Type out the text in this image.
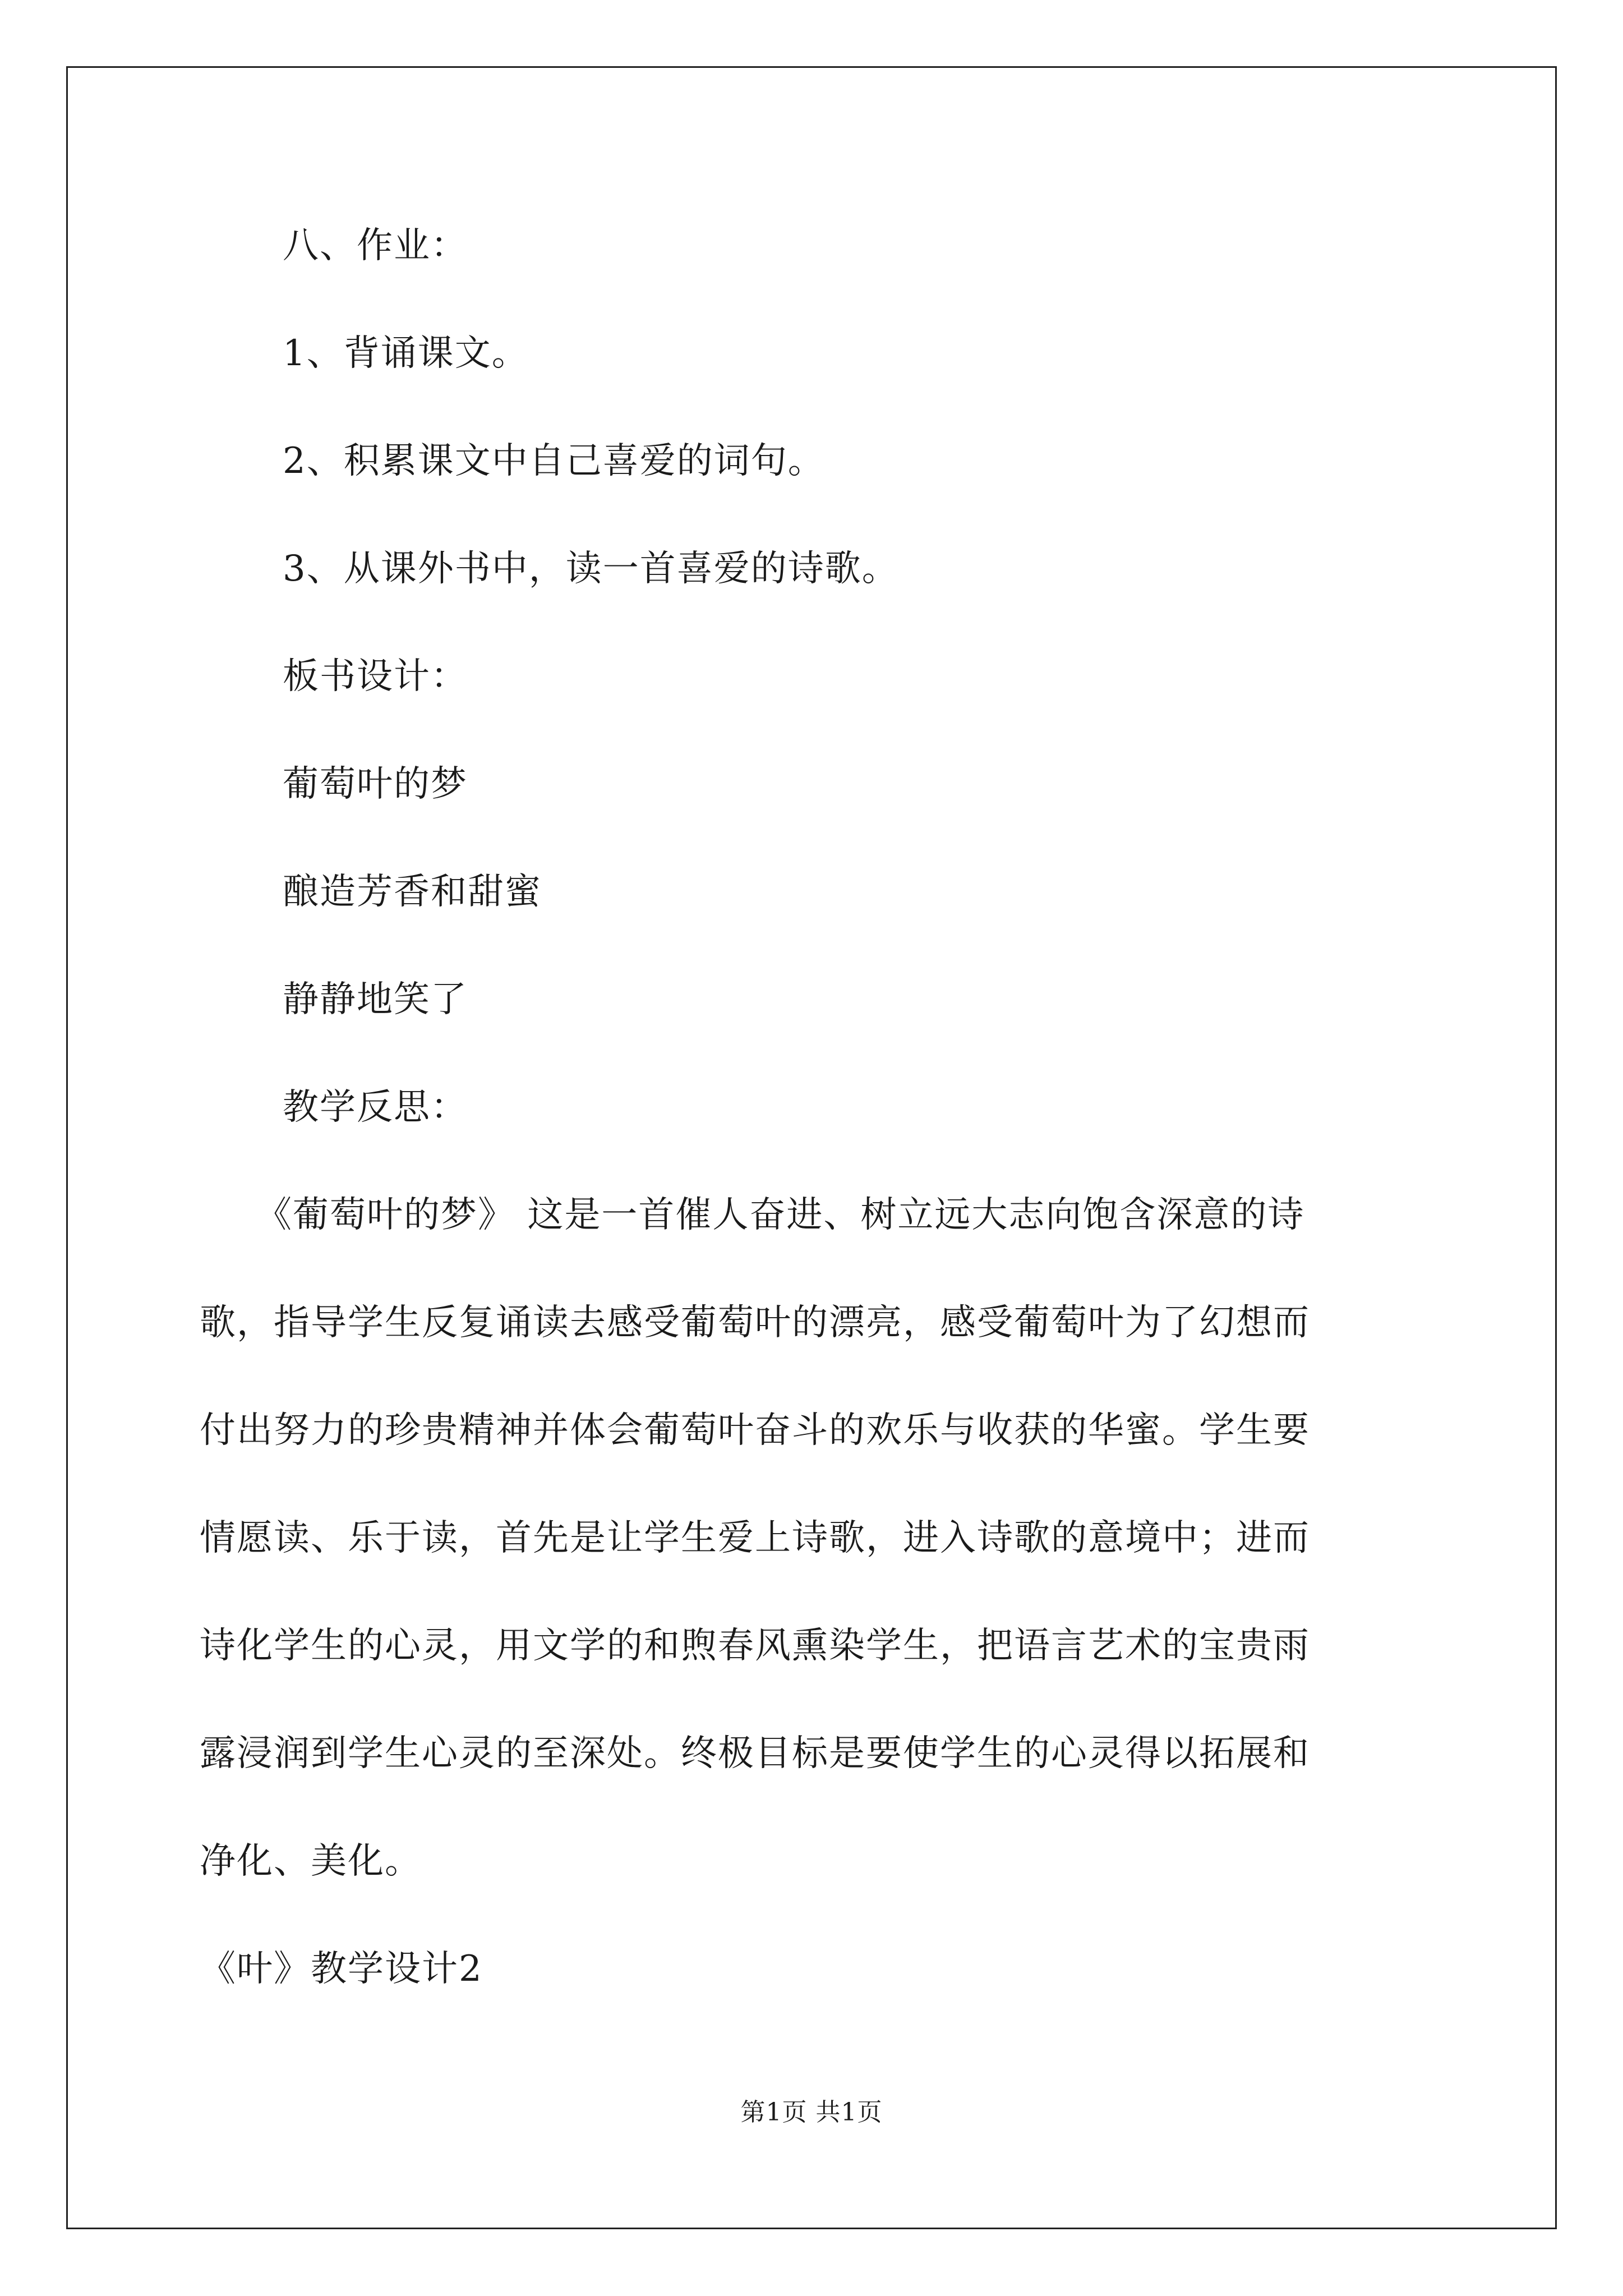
八、作业：
1、背诵课文。
2、积累课文中自己喜爱的词句。
3、从课外书中，读一首喜爱的诗歌。
板书设计：
葡萄叶的梦
酿造芳香和甜蜜
静静地笑了
教学反思：
《葡萄叶的梦》 这是一首催人奋进、树立远大志向饱含深意的诗
歌，指导学生反复诵读去感受葡萄叶的漂亮，感受葡萄叶为了幻想而
付出努力的珍贵精神并体会葡萄叶奋斗的欢乐与收获的华蜜。学生要
情愿读、乐于读，首先是让学生爱上诗歌，进入诗歌的意境中；进而
诗化学生的心灵，用文学的和煦春风熏染学生，把语言艺术的宝贵雨
露浸润到学生心灵的至深处。终极目标是要使学生的心灵得以拓展和
净化、美化。
《叶》教学设计2
第1页 共1页
